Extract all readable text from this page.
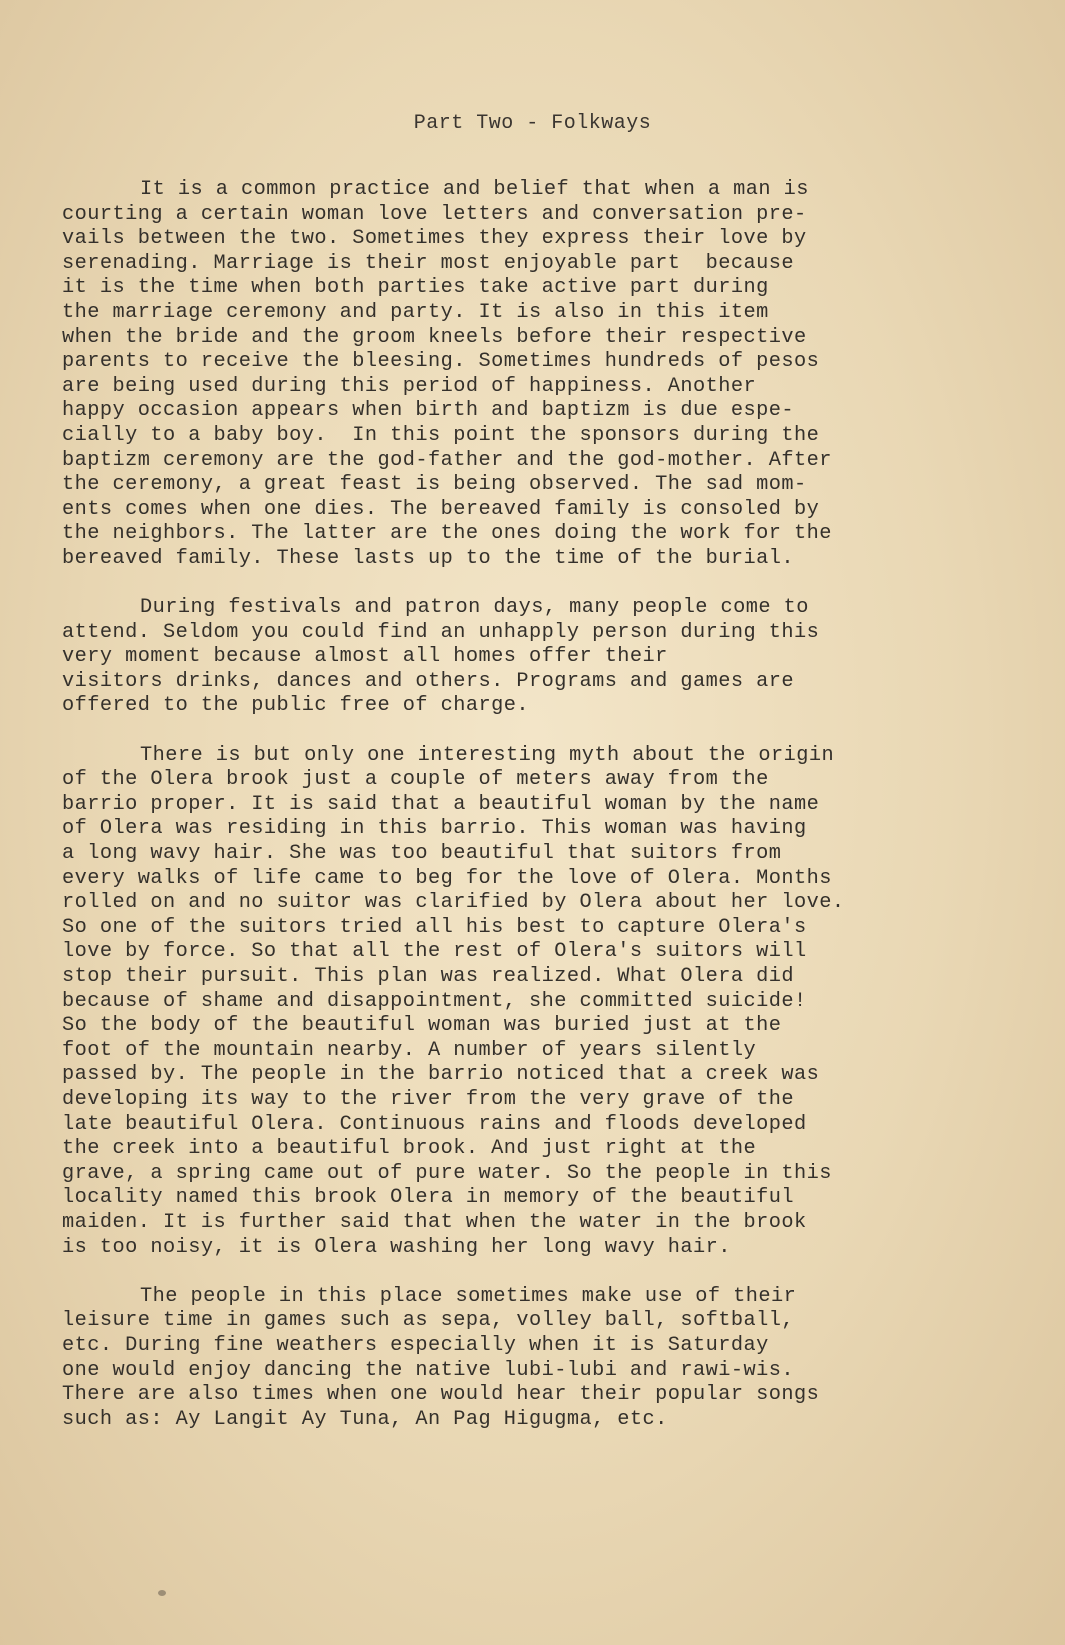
Part Two - Folkways
It is a common practice and belief that when a man is
courting a certain woman love letters and conversation pre-
vails between the two. Sometimes they express their love by
serenading. Marriage is their most enjoyable part  because
it is the time when both parties take active part during
the marriage ceremony and party. It is also in this item
when the bride and the groom kneels before their respective
parents to receive the bleesing. Sometimes hundreds of pesos
are being used during this period of happiness. Another
happy occasion appears when birth and baptizm is due espe-
cially to a baby boy.  In this point the sponsors during the
baptizm ceremony are the god-father and the god-mother. After
the ceremony, a great feast is being observed. The sad mom-
ents comes when one dies. The bereaved family is consoled by
the neighbors. The latter are the ones doing the work for the
bereaved family. These lasts up to the time of the burial.
During festivals and patron days, many people come to
attend. Seldom you could find an unhapply person during this
very moment because almost all homes offer their
visitors drinks, dances and others. Programs and games are
offered to the public free of charge.
There is but only one interesting myth about the origin
of the Olera brook just a couple of meters away from the
barrio proper. It is said that a beautiful woman by the name
of Olera was residing in this barrio. This woman was having
a long wavy hair. She was too beautiful that suitors from
every walks of life came to beg for the love of Olera. Months
rolled on and no suitor was clarified by Olera about her love.
So one of the suitors tried all his best to capture Olera's
love by force. So that all the rest of Olera's suitors will
stop their pursuit. This plan was realized. What Olera did
because of shame and disappointment, she committed suicide!
So the body of the beautiful woman was buried just at the
foot of the mountain nearby. A number of years silently
passed by. The people in the barrio noticed that a creek was
developing its way to the river from the very grave of the
late beautiful Olera. Continuous rains and floods developed
the creek into a beautiful brook. And just right at the
grave, a spring came out of pure water. So the people in this
locality named this brook Olera in memory of the beautiful
maiden. It is further said that when the water in the brook
is too noisy, it is Olera washing her long wavy hair.
The people in this place sometimes make use of their
leisure time in games such as sepa, volley ball, softball,
etc. During fine weathers especially when it is Saturday
one would enjoy dancing the native lubi-lubi and rawi-wis.
There are also times when one would hear their popular songs
such as: Ay Langit Ay Tuna, An Pag Higugma, etc.
